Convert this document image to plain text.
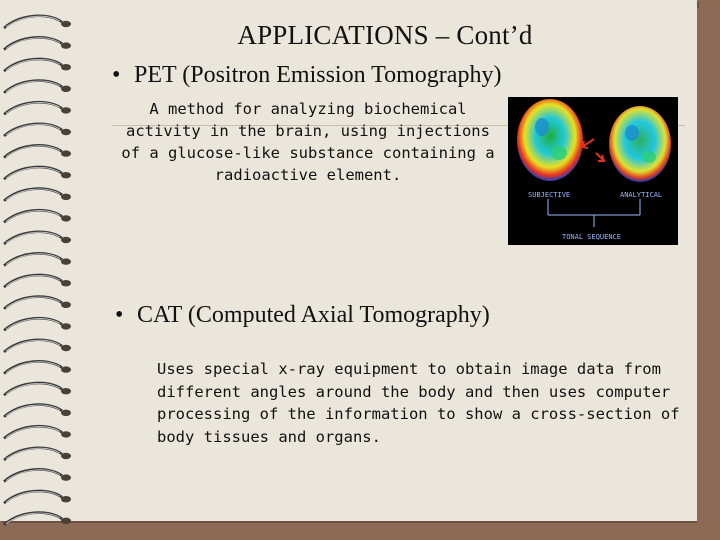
APPLICATIONS – Cont’d
• PET (Positron Emission Tomography)
A method for analyzing biochemical activity in the brain, using injections of a glucose-like substance containing a radioactive element.
SUBJECTIVE	ANALYTICAL
TONAL SEQUENCE
• CAT (Computed Axial Tomography)
Uses special x-ray equipment to obtain image data from different angles around the body and then uses computer processing of the information to show a cross-section of body tissues and organs.
